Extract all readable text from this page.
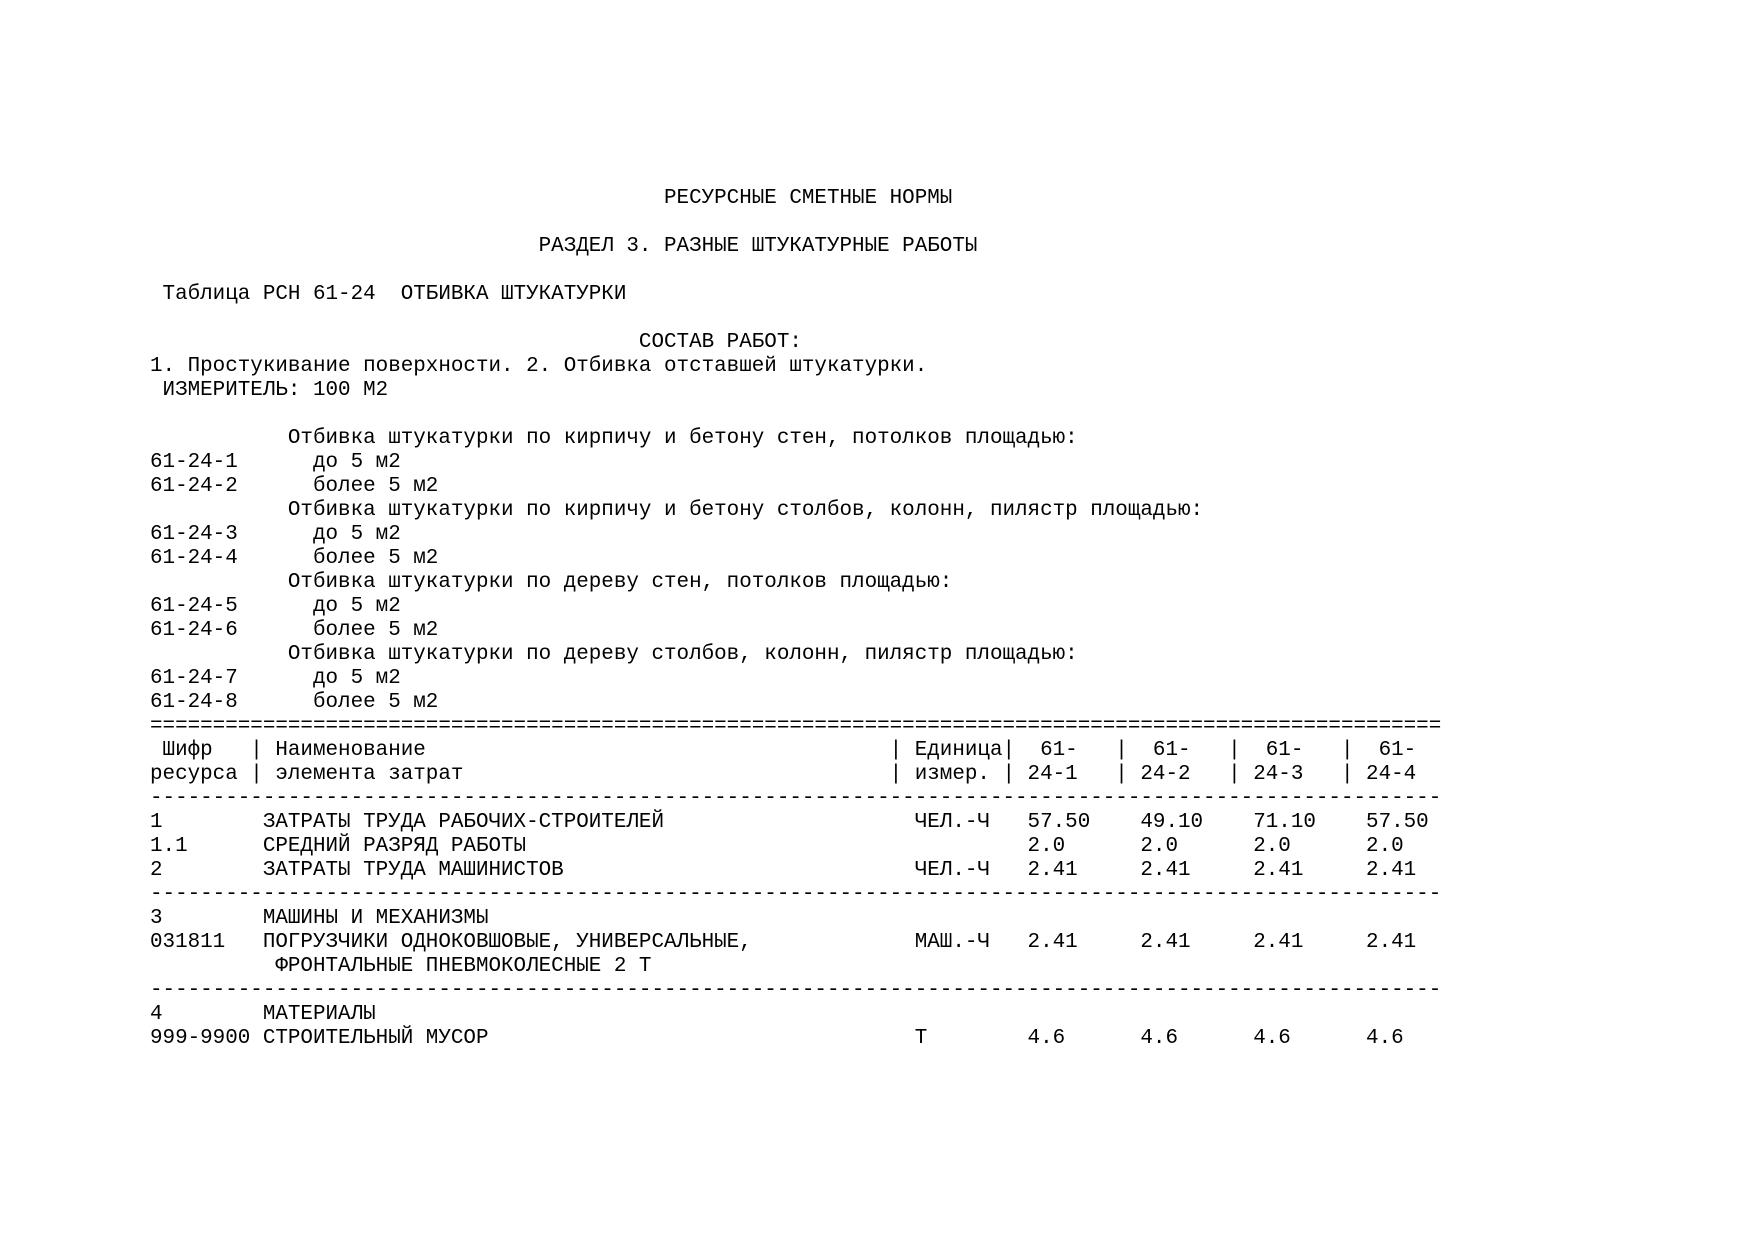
РЕСУРСНЫЕ СМЕТНЫЕ НОРМЫ
РАЗДЕЛ 3. РАЗНЫЕ ШТУКАТУРНЫЕ РАБОТЫ
Таблица РСН 61-24  ОТБИВКА ШТУКАТУРКИ
СОСТАВ РАБОТ:
1. Простукивание поверхности. 2. Отбивка отставшей штукатурки.
ИЗМЕРИТЕЛЬ: 100 М2
Отбивка штукатурки по кирпичу и бетону стен, потолков площадью:
61-24-1      до 5 м2
61-24-2      более 5 м2
Отбивка штукатурки по кирпичу и бетону столбов, колонн, пилястр площадью:
61-24-3      до 5 м2
61-24-4      более 5 м2
Отбивка штукатурки по дереву стен, потолков площадью:
61-24-5      до 5 м2
61-24-6      более 5 м2
Отбивка штукатурки по дереву столбов, колонн, пилястр площадью:
61-24-7      до 5 м2
61-24-8      более 5 м2
=======================================================================================================
Шифр   | Наименование                                     | Единица|  61-   |  61-   |  61-   |  61-
ресурса | элемента затрат                                  | измер. | 24-1   | 24-2   | 24-3   | 24-4
-------------------------------------------------------------------------------------------------------
1        ЗАТРАТЫ ТРУДА РАБОЧИХ-СТРОИТЕЛЕЙ                    ЧЕЛ.-Ч   57.50    49.10    71.10    57.50
1.1      СРЕДНИЙ РАЗРЯД РАБОТЫ                                        2.0      2.0      2.0      2.0
2        ЗАТРАТЫ ТРУДА МАШИНИСТОВ                            ЧЕЛ.-Ч   2.41     2.41     2.41     2.41
-------------------------------------------------------------------------------------------------------
3        МАШИНЫ И МЕХАНИЗМЫ
031811   ПОГРУЗЧИКИ ОДНОКОВШОВЫЕ, УНИВЕРСАЛЬНЫЕ,             МАШ.-Ч   2.41     2.41     2.41     2.41
ФРОНТАЛЬНЫЕ ПНЕВМОКОЛЕСНЫЕ 2 Т
-------------------------------------------------------------------------------------------------------
4        МАТЕРИАЛЫ
999-9900 СТРОИТЕЛЬНЫЙ МУСОР                                  Т        4.6      4.6      4.6      4.6
